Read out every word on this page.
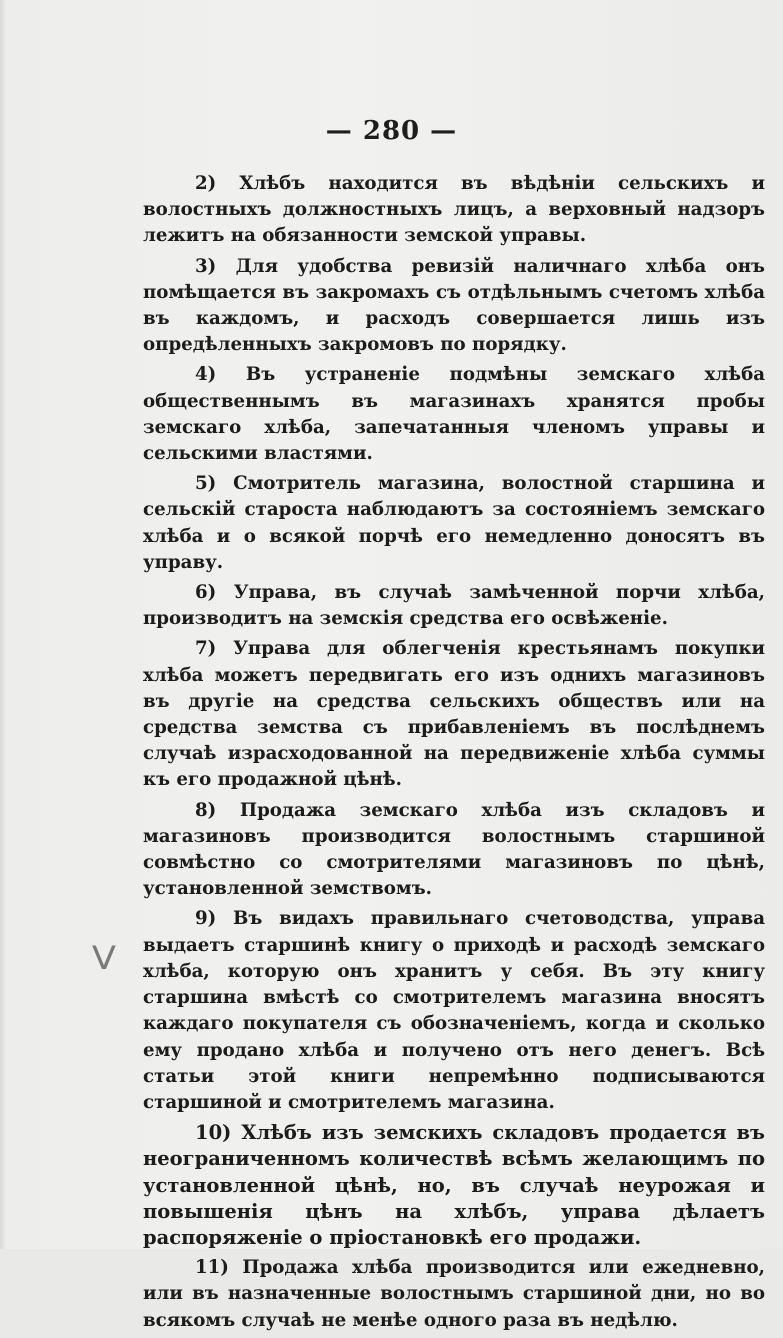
— 280 —

2) Хлѣбъ находится въ вѣдѣніи сельскихъ и волостныхъ должностныхъ лицъ, а верховный надзоръ лежитъ на обязанности земской управы.

3) Для удобства ревизій наличнаго хлѣба онъ помѣщается въ закромахъ съ отдѣльнымъ счетомъ хлѣба въ каждомъ, и расходъ совершается лишь изъ опредѣленныхъ закромовъ по порядку.

4) Въ устраненіе подмѣны земскаго хлѣба общественнымъ въ магазинахъ хранятся пробы земскаго хлѣба, запечатанныя членомъ управы и сельскими властями.

5) Смотритель магазина, волостной старшина и сельскій староста наблюдаютъ за состояніемъ земскаго хлѣба и о всякой порчѣ его немедленно доносятъ въ управу.

6) Управа, въ случаѣ замѣченной порчи хлѣба, производитъ на земскія средства его освѣженіе.

7) Управа для облегченія крестьянамъ покупки хлѣба можетъ передвигать его изъ однихъ магазиновъ въ другіе на средства сельскихъ обществъ или на средства земства съ прибавленіемъ въ послѣднемъ случаѣ израсходованной на передвиженіе хлѣба суммы къ его продажной цѣнѣ.

8) Продажа земскаго хлѣба изъ складовъ и магазиновъ производится волостнымъ старшиной совмѣстно со смотрителями магазиновъ по цѣнѣ, установленной земствомъ.

9) Въ видахъ правильнаго счетоводства, управа выдаетъ старшинѣ книгу о приходѣ и расходѣ земскаго хлѣба, которую онъ хранитъ у себя. Въ эту книгу старшина вмѣстѣ со смотрителемъ магазина вносятъ каждаго покупателя съ обозначеніемъ, когда и сколько ему продано хлѣба и получено отъ него денегъ. Всѣ статьи этой книги непремѣнно подписываются старшиной и смотрителемъ магазина.

10) Хлѣбъ изъ земскихъ складовъ продается въ неограниченномъ количествѣ всѣмъ желающимъ по установленной цѣнѣ, но, въ случаѣ неурожая и повышенія цѣнъ на хлѣбъ, управа дѣлаетъ распоряженіе о пріостановкѣ его продажи.

11) Продажа хлѣба производится или ежедневно, или въ назначенные волостнымъ старшиной дни, но во всякомъ случаѣ не менѣе одного раза въ недѣлю.

V
